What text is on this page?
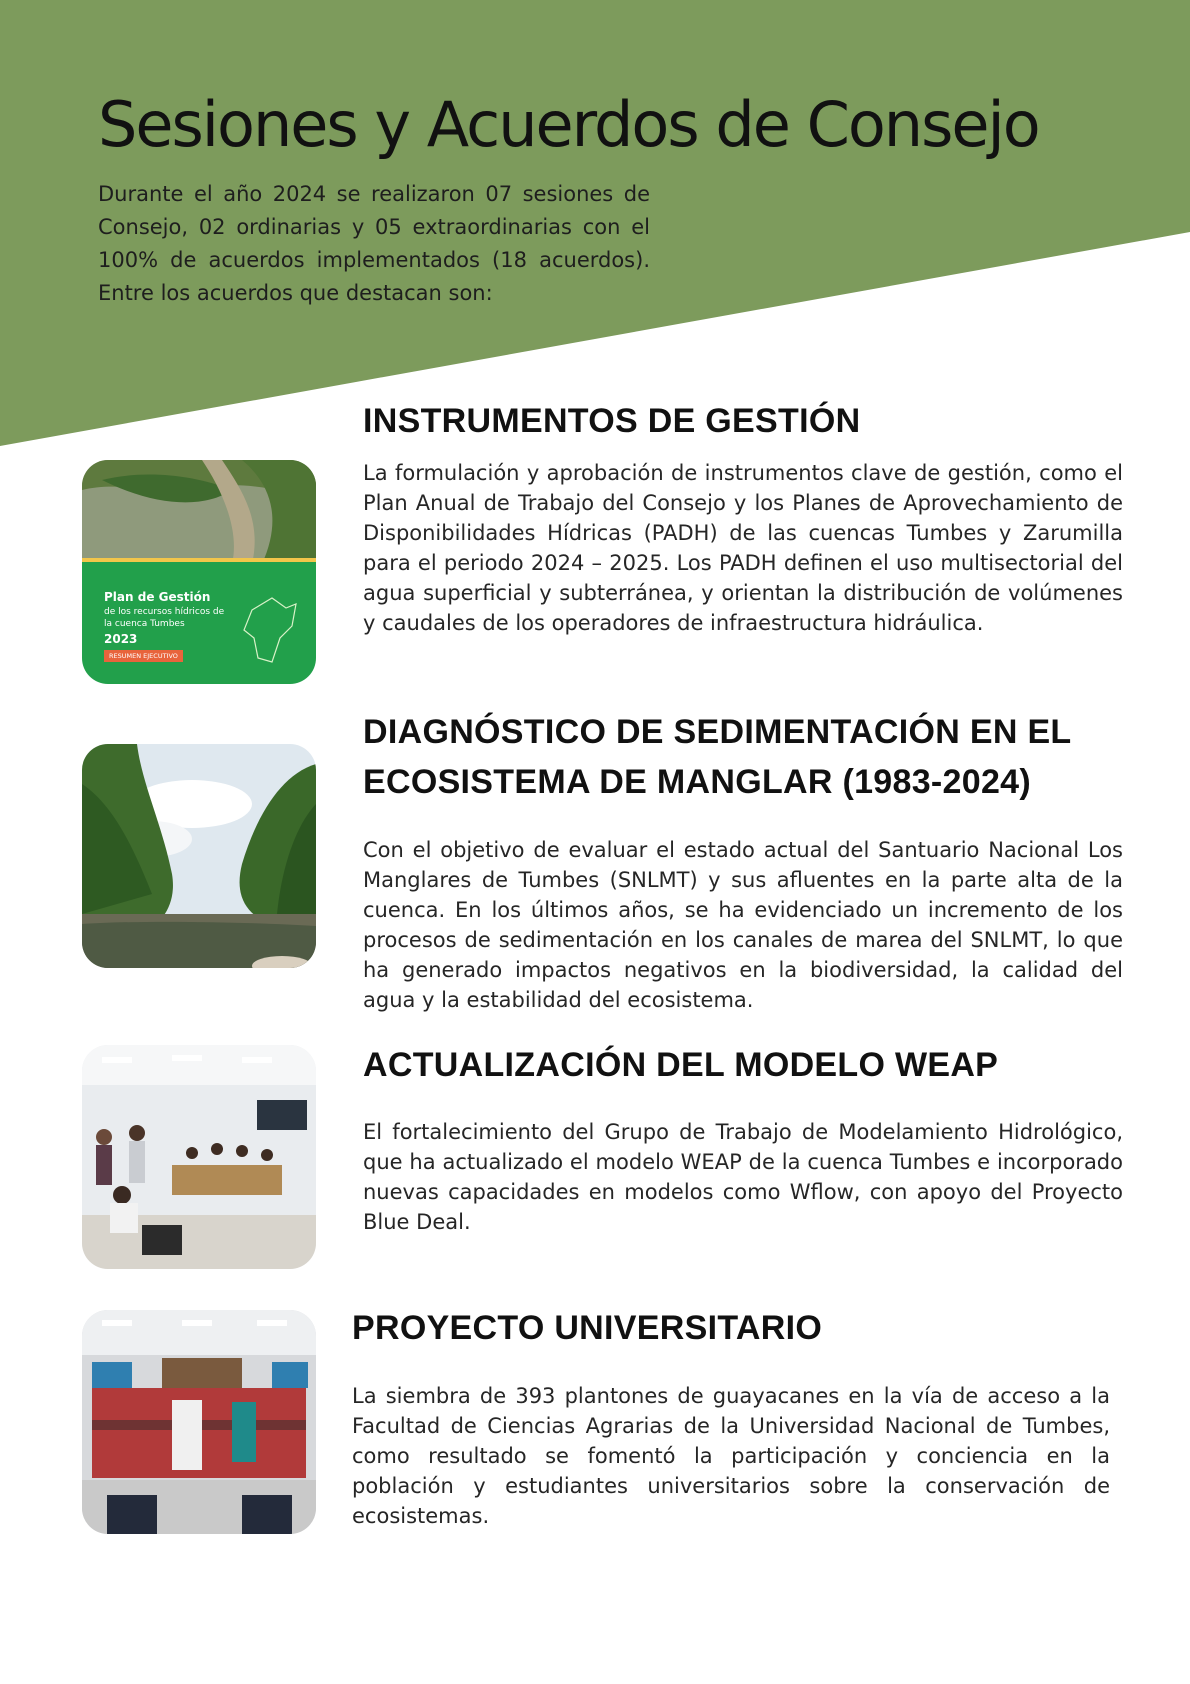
Sesiones y Acuerdos de Consejo

Durante el año 2024 se realizaron 07 sesiones de Consejo, 02 ordinarias y 05 extraordinarias con el 100% de acuerdos implementados (18 acuerdos). Entre los acuerdos que destacan son:

Plan de Gestión
de los recursos hídricos de la cuenca Tumbes
2023
RESUMEN EJECUTIVO
INSTRUMENTOS DE GESTIÓN

La formulación y aprobación de instrumentos clave de gestión, como el Plan Anual de Trabajo del Consejo y los Planes de Aprovechamiento de Disponibilidades Hídricas (PADH) de las cuencas Tumbes y Zarumilla para el periodo 2024 – 2025. Los PADH definen el uso multisectorial del agua superficial y subterránea, y orientan la distribución de volúmenes y caudales de los operadores de infraestructura hidráulica.

DIAGNÓSTICO DE SEDIMENTACIÓN EN EL ECOSISTEMA DE MANGLAR (1983-2024)

Con el objetivo de evaluar el estado actual del Santuario Nacional Los Manglares de Tumbes (SNLMT) y sus afluentes en la parte alta de la cuenca. En los últimos años, se ha evidenciado un incremento de los procesos de sedimentación en los canales de marea del SNLMT, lo que ha generado impactos negativos en la biodiversidad, la calidad del agua y la estabilidad del ecosistema.

ACTUALIZACIÓN DEL MODELO WEAP

El fortalecimiento del Grupo de Trabajo de Modelamiento Hidrológico, que ha actualizado el modelo WEAP de la cuenca Tumbes e incorporado nuevas capacidades en modelos como Wflow, con apoyo del Proyecto Blue Deal.

PROYECTO UNIVERSITARIO

La siembra de 393 plantones de guayacanes en la vía de acceso a la Facultad de Ciencias Agrarias de la Universidad Nacional de Tumbes, como resultado se fomentó la participación y conciencia en la población y estudiantes universitarios sobre la conservación de ecosistemas.
